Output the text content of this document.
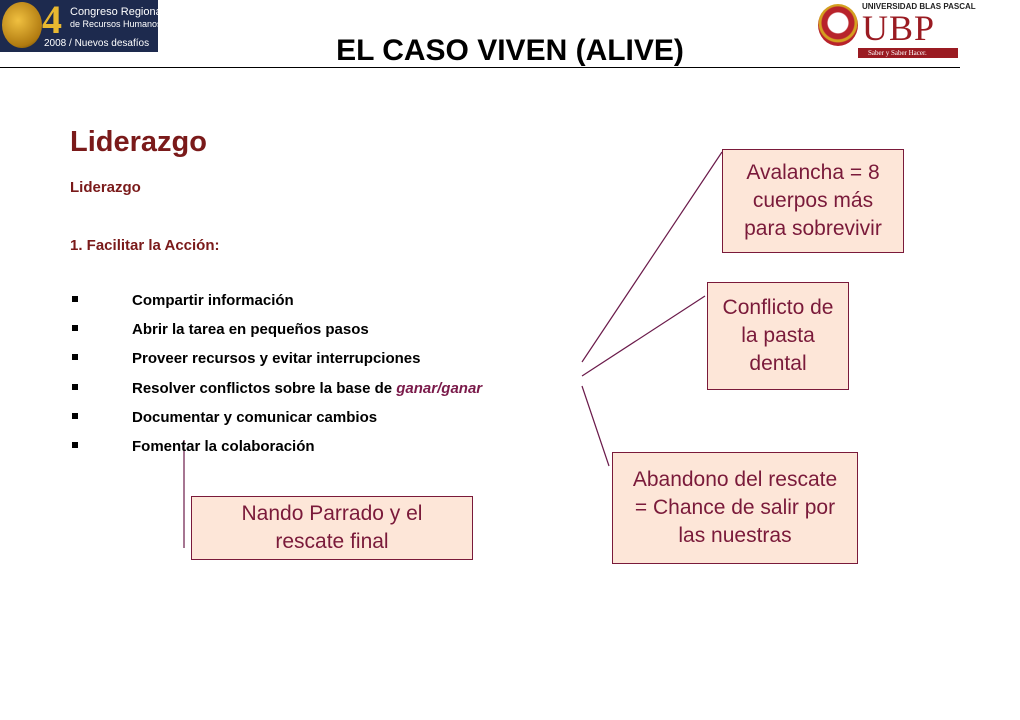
4 Congreso Regional
de Recursos Humanos
2008 / Nuevos desafíos
UNIVERSIDAD BLAS PASCAL
UBP
Saber y Saber Hacer.
EL CASO VIVEN (ALIVE)
Liderazgo
Liderazgo
1. Facilitar la Acción:
Compartir información
Abrir la tarea en pequeños pasos
Proveer recursos y evitar interrupciones
Resolver conflictos sobre la base de ganar/ganar
Documentar y comunicar cambios
Fomentar la colaboración
Avalancha = 8
cuerpos más
para sobrevivir
Conflicto de
la pasta
dental
Abandono del rescate
= Chance de salir por
las nuestras
Nando Parrado y el
rescate final
